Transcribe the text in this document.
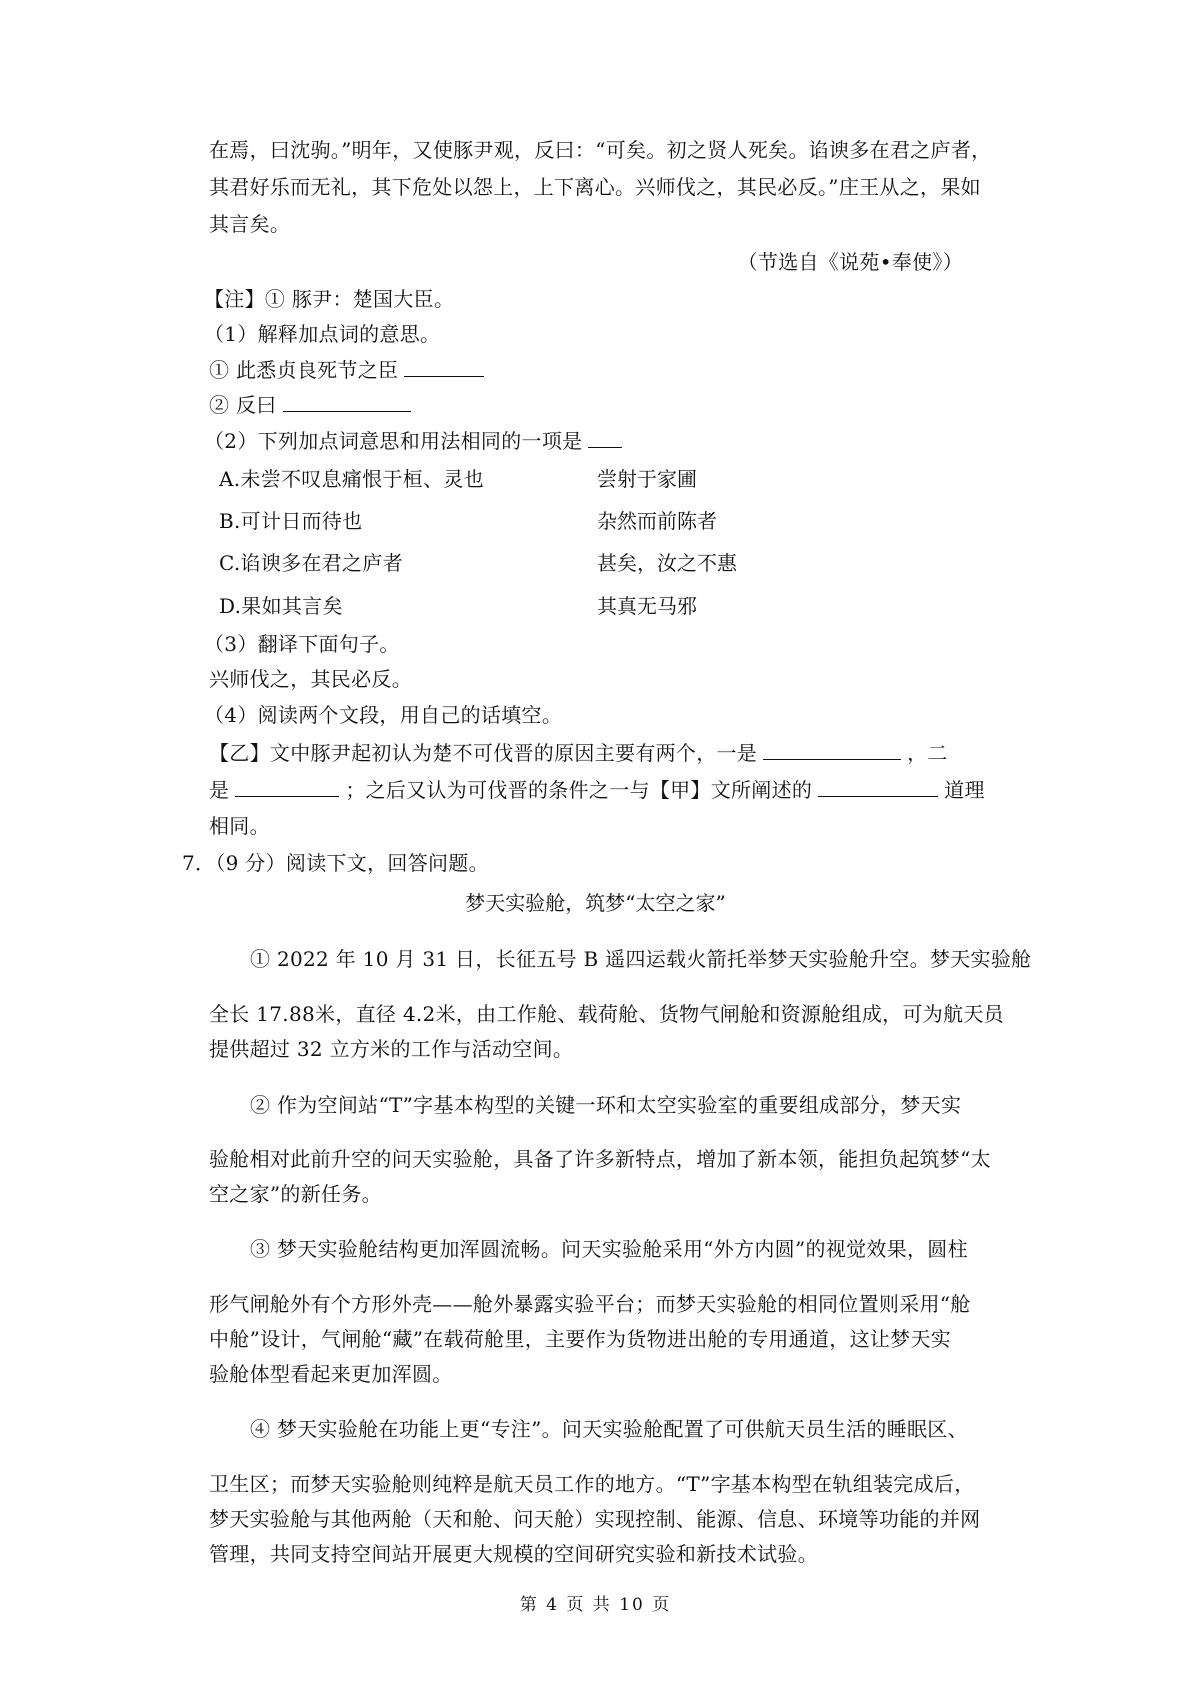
在焉，曰沈驹。”明年，又使豚尹观，反曰：“可矣。初之贤人死矣。谄谀多在君之庐者，
其君好乐而无礼，其下危处以怨上，上下离心。兴师伐之，其民必反。”庄王从之，果如
其言矣。
（节选自《说苑•奉使》）
【注】① 豚尹：楚国大臣。
（1）解释加点词的意思。
① 此悉贞良死节之臣
② 反曰
（2）下列加点词意思和用法相同的一项是
A.未尝不叹息痛恨于桓、灵也	尝射于家圃
B.可计日而待也	杂然而前陈者
C.谄谀多在君之庐者	甚矣，汝之不惠
D.果如其言矣	其真无马邪
（3）翻译下面句子。
兴师伐之，其民必反。
（4）阅读两个文段，用自己的话填空。
【乙】文中豚尹起初认为楚不可伐晋的原因主要有两个，一是	，二
是	；之后又认为可伐晋的条件之一与【甲】文所阐述的	道理
相同。
7．（9 分）阅读下文，回答问题。
梦天实验舱，筑梦“太空之家”
① 2022 年 10 月 31 日，长征五号 B 遥四运载火箭托举梦天实验舱升空。梦天实验舱
全长 17.88米，直径 4.2米，由工作舱、载荷舱、货物气闸舱和资源舱组成，可为航天员
提供超过 32 立方米的工作与活动空间。
② 作为空间站“T”字基本构型的关键一环和太空实验室的重要组成部分，梦天实
验舱相对此前升空的问天实验舱，具备了许多新特点，增加了新本领，能担负起筑梦“太
空之家”的新任务。
③ 梦天实验舱结构更加浑圆流畅。问天实验舱采用“外方内圆”的视觉效果，圆柱
形气闸舱外有个方形外壳——舱外暴露实验平台；而梦天实验舱的相同位置则采用“舱
中舱”设计，气闸舱“藏”在载荷舱里，主要作为货物进出舱的专用通道，这让梦天实
验舱体型看起来更加浑圆。
④ 梦天实验舱在功能上更“专注”。问天实验舱配置了可供航天员生活的睡眠区、
卫生区；而梦天实验舱则纯粹是航天员工作的地方。“T”字基本构型在轨组装完成后，
梦天实验舱与其他两舱（天和舱、问天舱）实现控制、能源、信息、环境等功能的并网
管理，共同支持空间站开展更大规模的空间研究实验和新技术试验。
第 4 页 共 10 页
